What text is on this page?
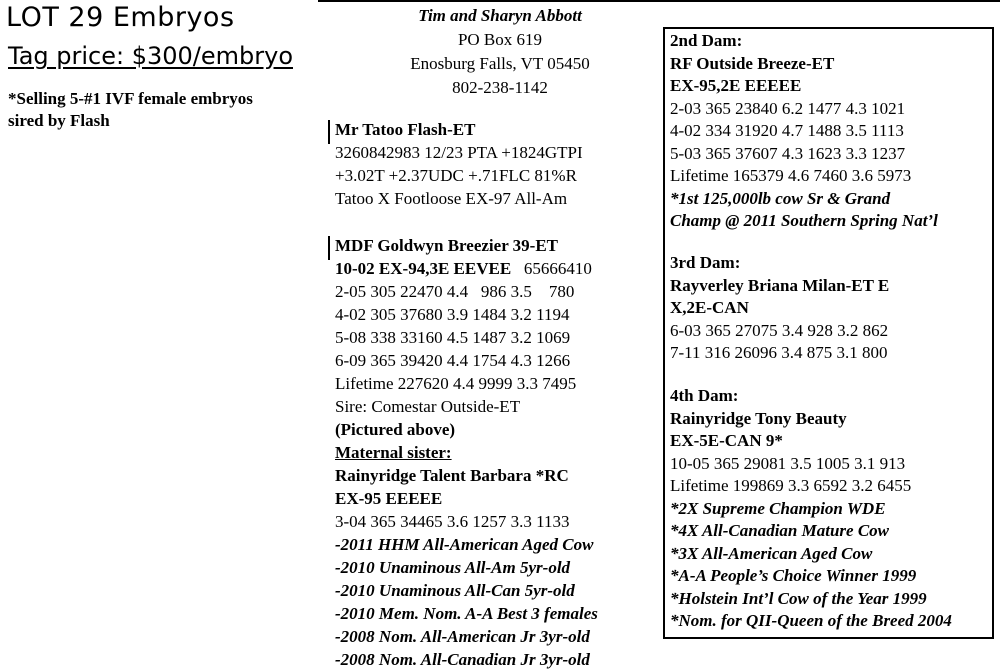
LOT 29 Embryos
Tag price: $300/embryo
*Selling 5-#1 IVF female embryos
sired by Flash
Tim and Sharyn Abbott
PO Box 619
Enosburg Falls, VT 05450
802-238-1142
Mr Tatoo Flash-ET
3260842983 12/23 PTA +1824GTPI
+3.02T +2.37UDC +.71FLC 81%R
Tatoo X Footloose EX-97 All-Am
MDF Goldwyn Breezier 39-ET
10-02 EX-94,3E EEVEE   65666410
2-05 305 22470 4.4   986 3.5    780
4-02 305 37680 3.9 1484 3.2 1194
5-08 338 33160 4.5 1487 3.2 1069
6-09 365 39420 4.4 1754 4.3 1266
Lifetime 227620 4.4 9999 3.3 7495
Sire: Comestar Outside-ET
(Pictured above)
Maternal sister:
Rainyridge Talent Barbara *RC
EX-95 EEEEE
3-04 365 34465 3.6 1257 3.3 1133
-2011 HHM All-American Aged Cow
-2010 Unaminous All-Am 5yr-old
-2010 Unaminous All-Can 5yr-old
-2010 Mem. Nom. A-A Best 3 females
-2008 Nom. All-American Jr 3yr-old
-2008 Nom. All-Canadian Jr 3yr-old
2nd Dam:
RF Outside Breeze-ET
EX-95,2E EEEEE
2-03 365 23840 6.2 1477 4.3 1021
4-02 334 31920 4.7 1488 3.5 1113
5-03 365 37607 4.3 1623 3.3 1237
Lifetime 165379 4.6 7460 3.6 5973
*1st 125,000lb cow Sr & Grand
Champ @ 2011 Southern Spring Nat’l
3rd Dam:
Rayverley Briana Milan-ET E
X,2E-CAN
6-03 365 27075 3.4 928 3.2 862
7-11 316 26096 3.4 875 3.1 800
4th Dam:
Rainyridge Tony Beauty
EX-5E-CAN 9*
10-05 365 29081 3.5 1005 3.1 913
Lifetime 199869 3.3 6592 3.2 6455
*2X Supreme Champion WDE
*4X All-Canadian Mature Cow
*3X All-American Aged Cow
*A-A People’s Choice Winner 1999
*Holstein Int’l Cow of the Year 1999
*Nom. for QII-Queen of the Breed 2004
